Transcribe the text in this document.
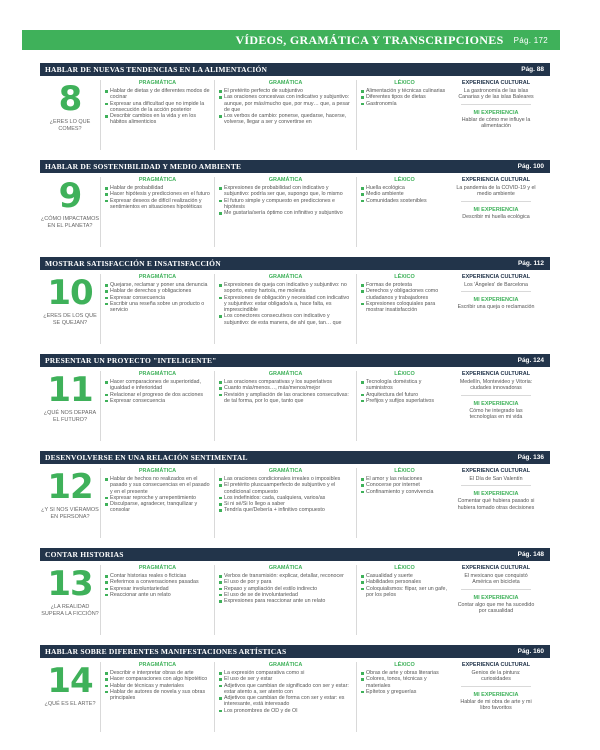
VÍDEOS, GRAMÁTICA Y TRANSCRIPCIONES Pág. 172
HABLAR DE NUEVAS TENDENCIAS EN LA ALIMENTACIÓN	Pág. 88
8
¿ERES LO QUE COMES?
PRAGMÁTICA
Hablar de dietas y de diferentes modos de cocinar
Expresar una dificultad que no impide la consecución de la acción posterior
Describir cambios en la vida y en los hábitos alimenticios
GRAMÁTICA
El pretérito perfecto de subjuntivo
Las oraciones concesivas con indicativo y subjuntivo: aunque, por más/mucho que, por muy… que, a pesar de que
Los verbos de cambio: ponerse, quedarse, hacerse, volverse, llegar a ser y convertirse en
LÉXICO
Alimentación y técnicas culinarias
Diferentes tipos de dietas
Gastronomía
EXPERIENCIA CULTURAL
La gastronomía de las islas Canarias y de las islas Baleares
MI EXPERIENCIA
Hablar de cómo me influye la alimentación
HABLAR DE SOSTENIBILIDAD Y MEDIO AMBIENTE	Pág. 100
9
¿CÓMO IMPACTAMOS EN EL PLANETA?
PRAGMÁTICA
Hablar de probabilidad
Hacer hipótesis y predicciones en el futuro
Expresar deseos de difícil realización y sentimientos en situaciones hipotéticas
GRAMÁTICA
Expresiones de probabilidad con indicativo y subjuntivo: podría ser que, supongo que, lo mismo
El futuro simple y compuesto en predicciones e hipótesis
Me gustaría/sería óptimo con infinitivo y subjuntivo
LÉXICO
Huella ecológica
Medio ambiente
Comunidades sostenibles
EXPERIENCIA CULTURAL
La pandemia de la COVID-19 y el medio ambiente
MI EXPERIENCIA
Describir mi huella ecológica
MOSTRAR SATISFACCIÓN E INSATISFACCIÓN	Pág. 112
10
¿ERES DE LOS QUE SE QUEJAN?
PRAGMÁTICA
Quejarse, reclamar y poner una denuncia
Hablar de derechos y obligaciones
Expresar consecuencia
Escribir una reseña sobre un producto o servicio
GRAMÁTICA
Expresiones de queja con indicativo y subjuntivo: no soporto, estoy harto/a, me molesta
Expresiones de obligación y necesidad con indicativo y subjuntivo: estar obligado/a a, hace falta, es imprescindible
Los conectores consecutivos con indicativo y subjuntivo: de esta manera, de ahí que, tan… que
LÉXICO
Formas de protesta
Derechos y obligaciones como ciudadanos y trabajadores
Expresiones coloquiales para mostrar insatisfacción
EXPERIENCIA CULTURAL
Los 'Ángeles' de Barcelona
MI EXPERIENCIA
Escribir una queja o reclamación
PRESENTAR UN PROYECTO "INTELIGENTE"	Pág. 124
11
¿QUÉ NOS DEPARA EL FUTURO?
PRAGMÁTICA
Hacer comparaciones de superioridad, igualdad e inferioridad
Relacionar el progreso de dos acciones
Expresar consecuencia
GRAMÁTICA
Las oraciones comparativas y los superlativos
Cuanto más/menos…, más/menos/mejor
Revisión y ampliación de las oraciones consecutivas: de tal forma, por lo que, tanto que
LÉXICO
Tecnología doméstica y suministros
Arquitectura del futuro
Prefijos y sufijos superlativos
EXPERIENCIA CULTURAL
Medellín, Montevideo y Vitoria: ciudades innovadoras
MI EXPERIENCIA
Cómo he integrado las tecnologías en mi vida
DESENVOLVERSE EN UNA RELACIÓN SENTIMENTAL	Pág. 136
12
¿Y SI NOS VIÉRAMOS EN PERSONA?
PRAGMÁTICA
Hablar de hechos no realizados en el pasado y sus consecuencias en el pasado y en el presente
Expresar reproche y arrepentimiento
Disculparse, agradecer, tranquilizar y consolar
GRAMÁTICA
Las oraciones condicionales irreales o imposibles
El pretérito pluscuamperfecto de subjuntivo y el condicional compuesto
Los indefinidos: cada, cualquiera, varios/as
Si ni sé/Si lo llego a saber
Tendría que/Debería + infinitivo compuesto
LÉXICO
El amor y las relaciones
Conocerse por internet
Confinamiento y convivencia
EXPERIENCIA CULTURAL
El Día de San Valentín
MI EXPERIENCIA
Comentar qué hubiera pasado si hubiera tomado otras decisiones
CONTAR HISTORIAS	Pág. 148
13
¿LA REALIDAD SUPERA LA FICCIÓN?
PRAGMÁTICA
Contar historias reales o ficticias
Referirnos a conversaciones pasadas
Expresar involuntariedad
Reaccionar ante un relato
GRAMÁTICA
Verbos de transmisión: explicar, detallar, reconocer
El uso de por y para
Repaso y ampliación del estilo indirecto
El uso de se de involuntariedad
Expresiones para reaccionar ante un relato
LÉXICO
Casualidad y suerte
Habilidades personales
Coloquialismos: flipar, ser un gafe, por los pelos
EXPERIENCIA CULTURAL
El mexicano que conquistó América en bicicleta
MI EXPERIENCIA
Contar algo que me ha sucedido por casualidad
HABLAR SOBRE DIFERENTES MANIFESTACIONES ARTÍSTICAS	Pág. 160
14
¿QUÉ ES EL ARTE?
PRAGMÁTICA
Describir e interpretar obras de arte
Hacer comparaciones con algo hipotético
Hablar de técnicas y materiales
Hablar de autores de novela y sus obras principales
GRAMÁTICA
La expresión comparativa como si
El uso de ser y estar
Adjetivos que cambian de significado con ser y estar: estar atento a, ser atento con
Adjetivos que cambian de forma con ser y estar: es interesante, está interesado
Los pronombres de OD y de OI
LÉXICO
Obras de arte y obras literarias
Colores, tonos, técnicas y materiales
Epítetos y greguerías
EXPERIENCIA CULTURAL
Genios de la pintura: curiosidades
MI EXPERIENCIA
Hablar de mi obra de arte y mi libro favoritos
